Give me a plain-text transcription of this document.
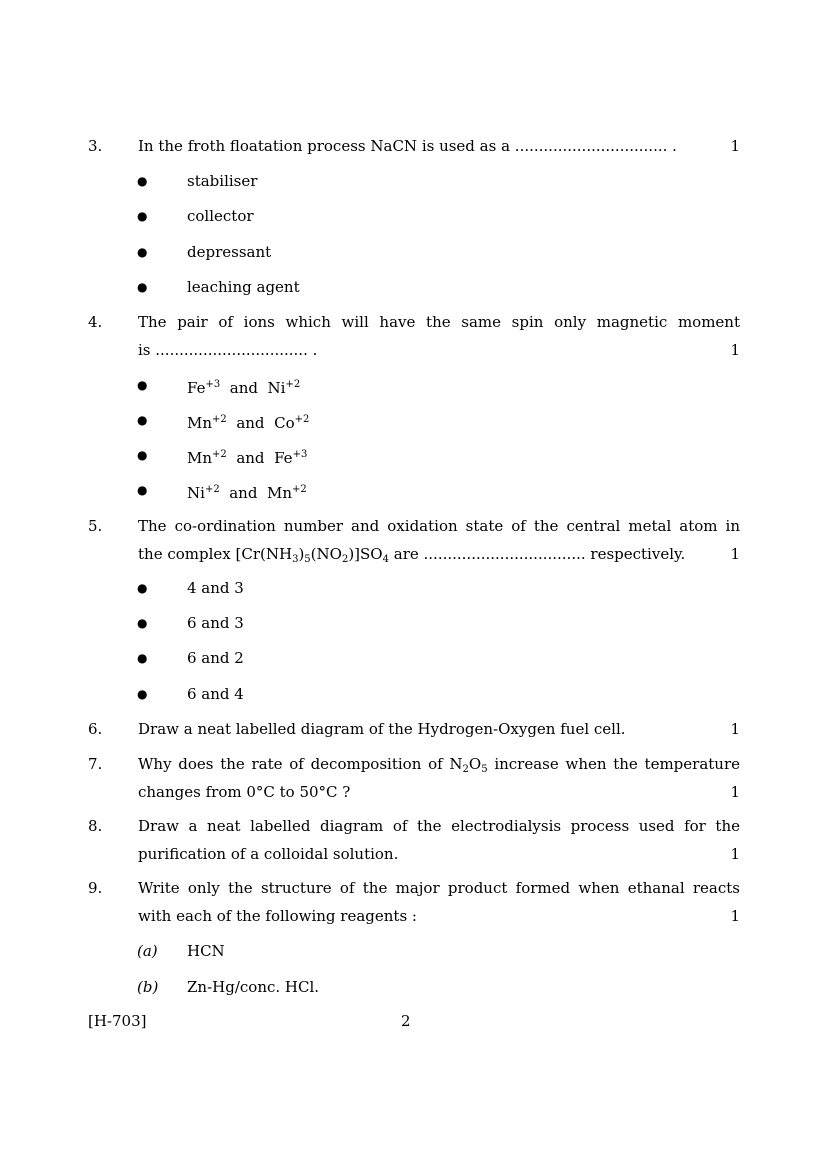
3. In the froth floatation process NaCN is used as a ................................ .	1
●	stabiliser
●	collector
●	depressant
●	leaching agent
4. The pair of ions which will have the same spin only magnetic moment
is ................................ .	1
●	$Fe^{+3}$ and $Ni^{+2}$
●	$Mn^{+2}$ and $Co^{+2}$
●	$Mn^{+2}$ and $Fe^{+3}$
●	$Ni^{+2}$ and $Mn^{+2}$
5. The co-ordination number and oxidation state of the central metal atom in
the complex $[Cr(NH_3)_5(NO_2)]SO_4$ are .................................. respectively.	1
●	4 and 3
●	6 and 3
●	6 and 2
●	6 and 4
6. Draw a neat labelled diagram of the Hydrogen-Oxygen fuel cell.	1
7. Why does the rate of decomposition of $N_2O_5$ increase when the temperature
changes from 0°C to 50°C ?	1
8. Draw a neat labelled diagram of the electrodialysis process used for the
purification of a colloidal solution.	1
9. Write only the structure of the major product formed when ethanal reacts
with each of the following reagents :	1
(a) HCN
(b) Zn-Hg/conc. HCl.
[H-703]	2
